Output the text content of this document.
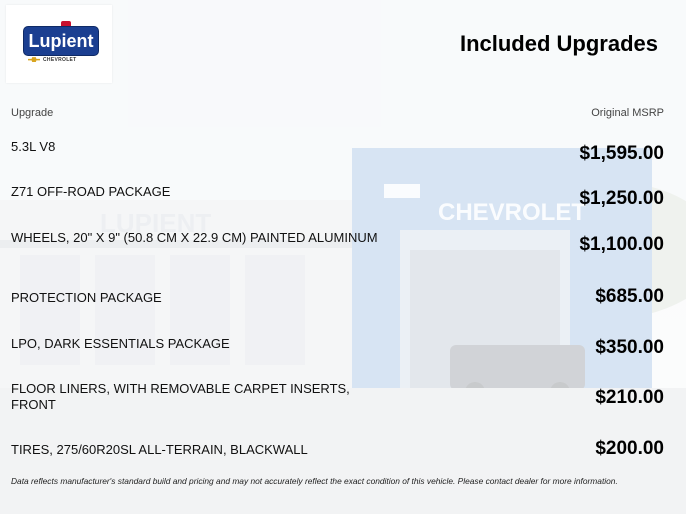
Lupient
CHEVROLET
Included Upgrades
Upgrade	Original MSRP
5.3L V8	$1,595.00
Z71 OFF-ROAD PACKAGE	$1,250.00
WHEELS, 20" X 9" (50.8 CM X 22.9 CM) PAINTED ALUMINUM	$1,100.00
PROTECTION PACKAGE	$685.00
LPO, DARK ESSENTIALS PACKAGE	$350.00
FLOOR LINERS, WITH REMOVABLE CARPET INSERTS, FRONT	$210.00
TIRES, 275/60R20SL ALL-TERRAIN, BLACKWALL	$200.00
Data reflects manufacturer's standard build and pricing and may not accurately reflect the exact condition of this vehicle. Please contact dealer for more information.
